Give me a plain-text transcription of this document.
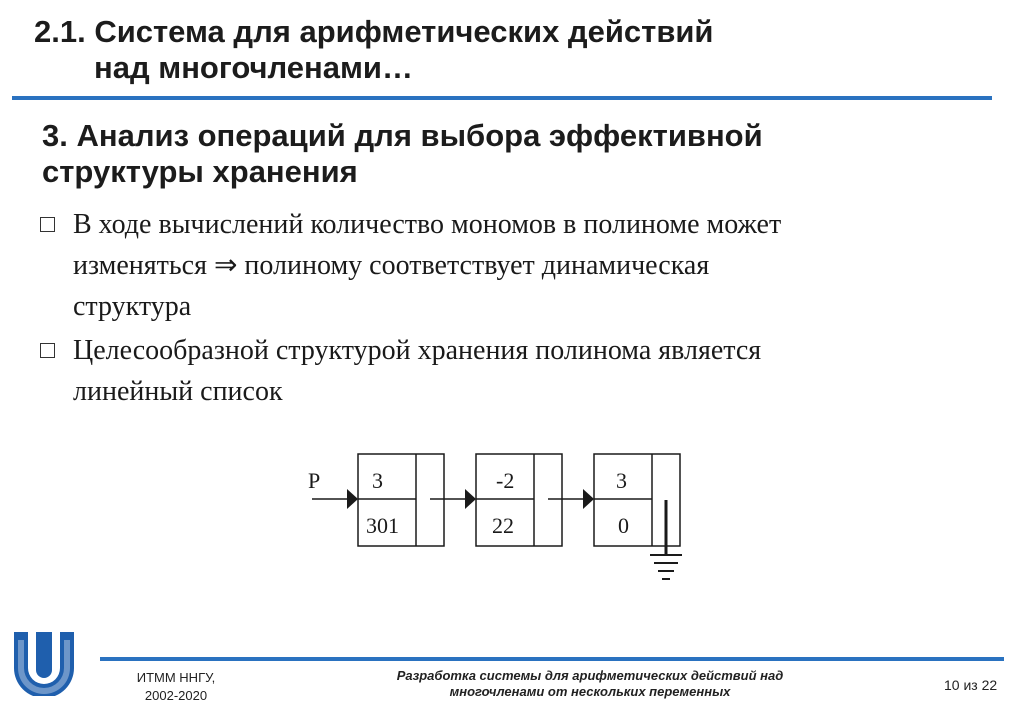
2.1. Система для арифметических действий
над многочленами…
3. Анализ операций для выбора эффективной
структуры хранения
В ходе вычислений количество мономов в полиноме может
изменяться ⇒ полиному соответствует динамическая
структура
Целесообразной структурой хранения полинома является
линейный список
P 3
301
-2
22
3
0
ИТММ ННГУ,
2002-2020
Разработка системы для арифметических действий над
многочленами от нескольких переменных	10 из 22
